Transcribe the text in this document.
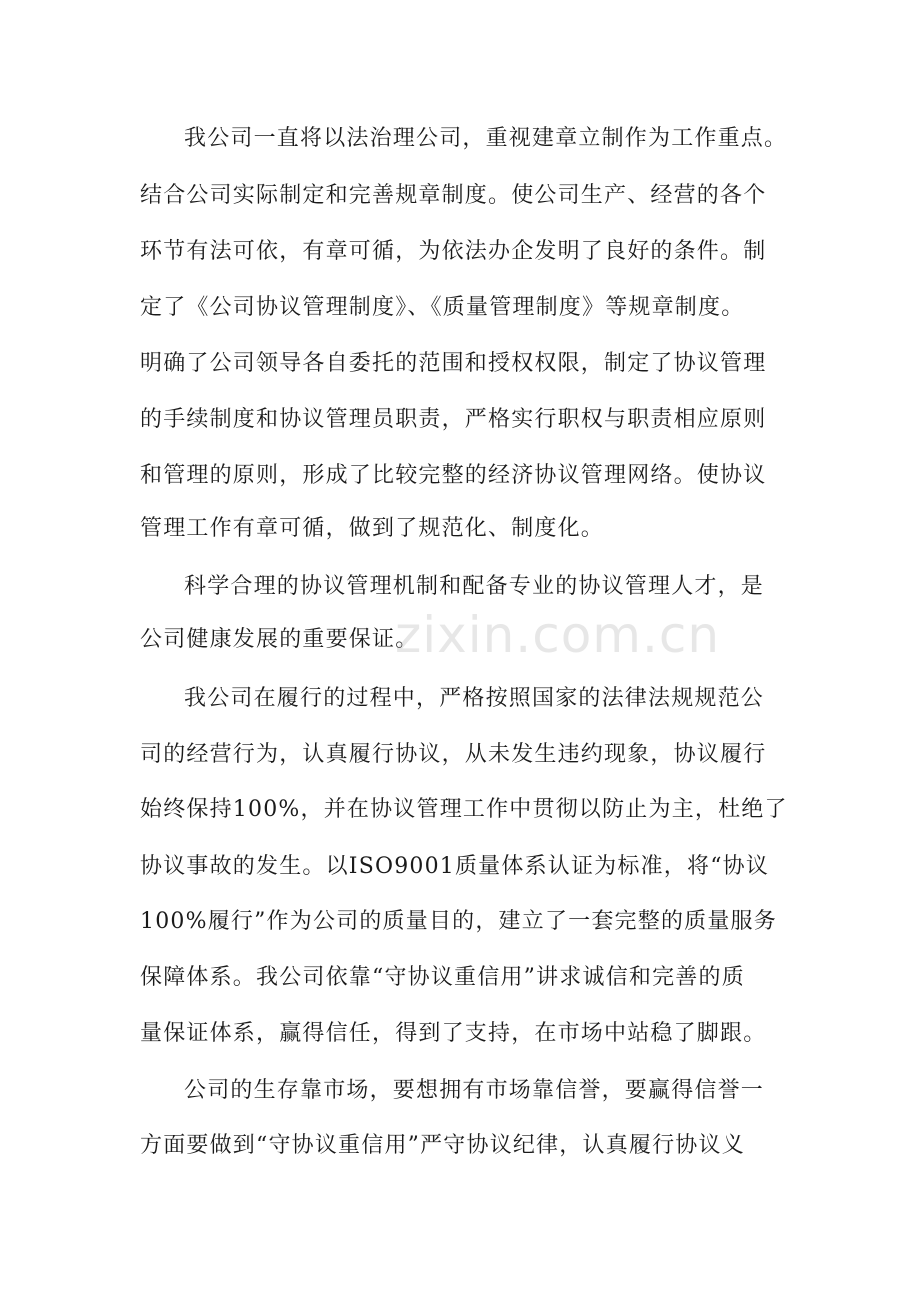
我公司一直将以法治理公司，重视建章立制作为工作重点。
结合公司实际制定和完善规章制度。使公司生产、经营的各个
环节有法可依，有章可循，为依法办企发明了良好的条件。制
定了《公司协议管理制度》、《质量管理制度》等规章制度。
明确了公司领导各自委托的范围和授权权限，制定了协议管理
的手续制度和协议管理员职责，严格实行职权与职责相应原则
和管理的原则，形成了比较完整的经济协议管理网络。使协议
管理工作有章可循，做到了规范化、制度化。
科学合理的协议管理机制和配备专业的协议管理人才，是
公司健康发展的重要保证。
我公司在履行的过程中，严格按照国家的法律法规规范公
司的经营行为，认真履行协议，从未发生违约现象，协议履行
始终保持100%，并在协议管理工作中贯彻以防止为主，杜绝了
协议事故的发生。以ISO9001质量体系认证为标准，将“协议
100%履行”作为公司的质量目的，建立了一套完整的质量服务
保障体系。我公司依靠“守协议重信用”讲求诚信和完善的质
量保证体系，赢得信任，得到了支持，在市场中站稳了脚跟。
公司的生存靠市场，要想拥有市场靠信誉，要赢得信誉一
方面要做到“守协议重信用”严守协议纪律，认真履行协议义
zixin.com.cn
